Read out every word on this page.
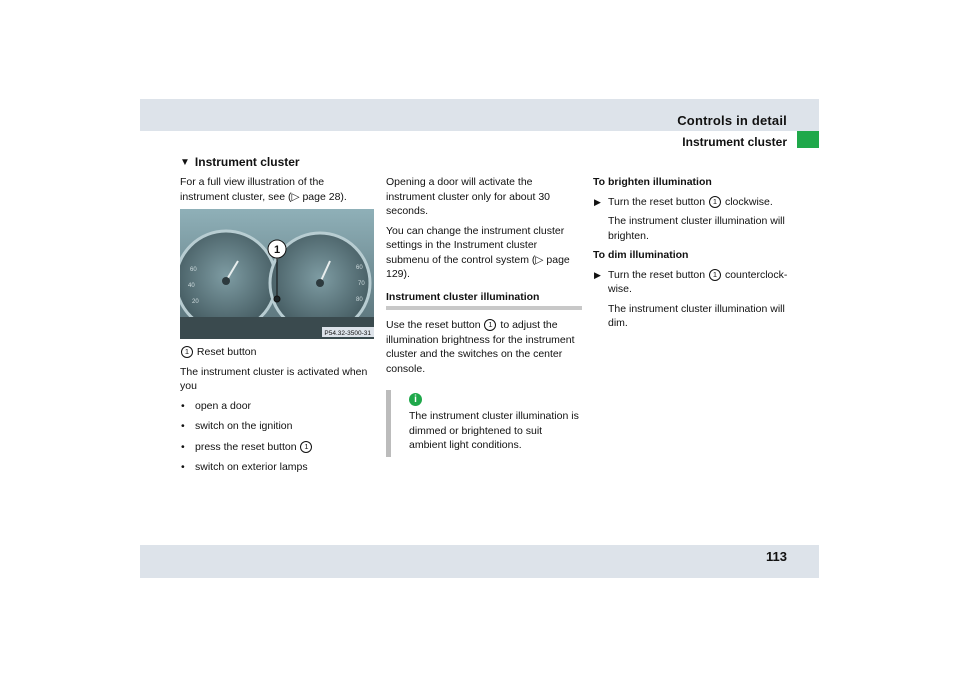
Controls in detail
Instrument cluster
113
▼ Instrument cluster

For a full view illustration of the instrument cluster, see (▷ page 28).

1
60
40
20
60
70
80
P54.32-3500-31

1 Reset button

The instrument cluster is activated when you

• open a door
• switch on the ignition
• press the reset button 1
• switch on exterior lamps

Opening a door will activate the instrument cluster only for about 30 seconds.

You can change the instrument cluster settings in the Instrument cluster submenu of the control system (▷ page 129).

Instrument cluster illumination

Use the reset button 1 to adjust the illumination brightness for the instrument cluster and the switches on the center console.

i
The instrument cluster illumination is dimmed or brightened to suit ambient light conditions.

To brighten illumination

▶ Turn the reset button 1 clockwise.

The instrument cluster illumination will brighten.

To dim illumination

▶ Turn the reset button 1 counterclock-wise.

The instrument cluster illumination will dim.
